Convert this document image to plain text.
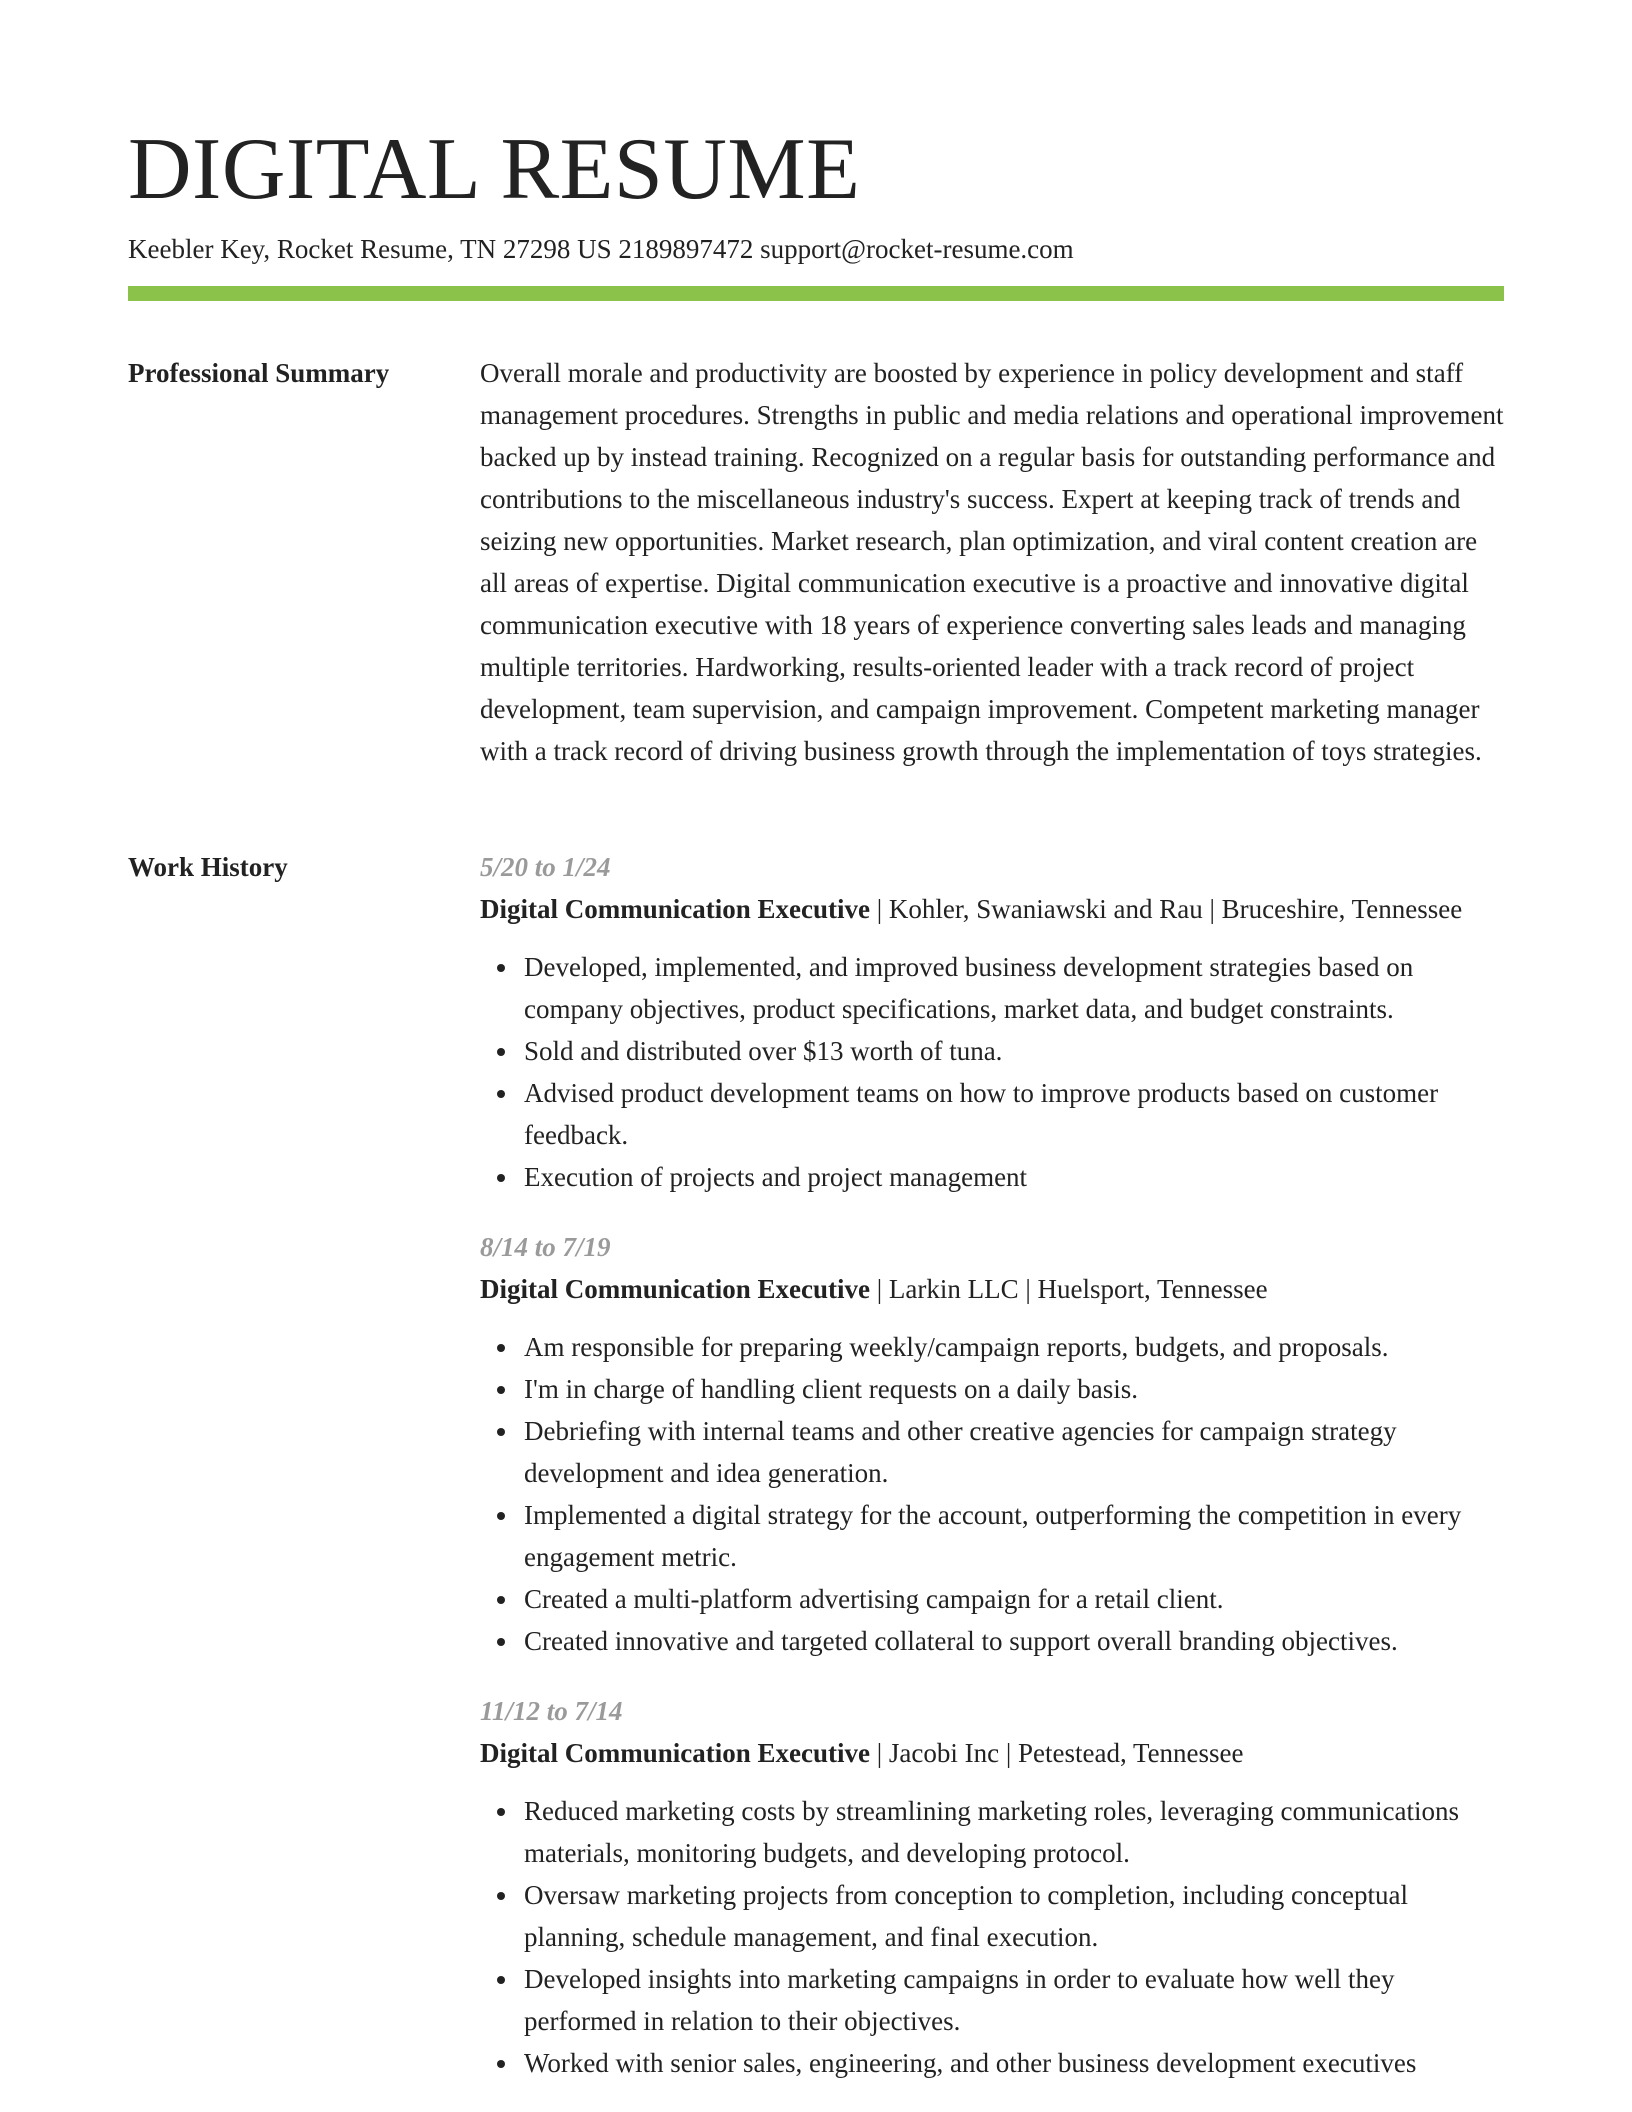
DIGITAL RESUME
Keebler Key, Rocket Resume, TN 27298 US 2189897472 support@rocket-resume.com
Professional Summary	Overall morale and productivity are boosted by experience in policy development and staff management procedures. Strengths in public and media relations and operational improvement backed up by instead training. Recognized on a regular basis for outstanding performance and contributions to the miscellaneous industry's success. Expert at keeping track of trends and seizing new opportunities. Market research, plan optimization, and viral content creation are all areas of expertise. Digital communication executive is a proactive and innovative digital communication executive with 18 years of experience converting sales leads and managing multiple territories. Hardworking, results-oriented leader with a track record of project development, team supervision, and campaign improvement. Competent marketing manager with a track record of driving business growth through the implementation of toys strategies.

Work History	5/20 to 1/24
Digital Communication Executive | Kohler, Swaniawski and Rau | Bruceshire, Tennessee
Developed, implemented, and improved business development strategies based on company objectives, product specifications, market data, and budget constraints.
Sold and distributed over $13 worth of tuna.
Advised product development teams on how to improve products based on customer feedback.
Execution of projects and project management
8/14 to 7/19
Digital Communication Executive | Larkin LLC | Huelsport, Tennessee
Am responsible for preparing weekly/campaign reports, budgets, and proposals.
I'm in charge of handling client requests on a daily basis.
Debriefing with internal teams and other creative agencies for campaign strategy development and idea generation.
Implemented a digital strategy for the account, outperforming the competition in every engagement metric.
Created a multi-platform advertising campaign for a retail client.
Created innovative and targeted collateral to support overall branding objectives.
11/12 to 7/14
Digital Communication Executive | Jacobi Inc | Petestead, Tennessee
Reduced marketing costs by streamlining marketing roles, leveraging communications materials, monitoring budgets, and developing protocol.
Oversaw marketing projects from conception to completion, including conceptual planning, schedule management, and final execution.
Developed insights into marketing campaigns in order to evaluate how well they performed in relation to their objectives.
Worked with senior sales, engineering, and other business development executives
